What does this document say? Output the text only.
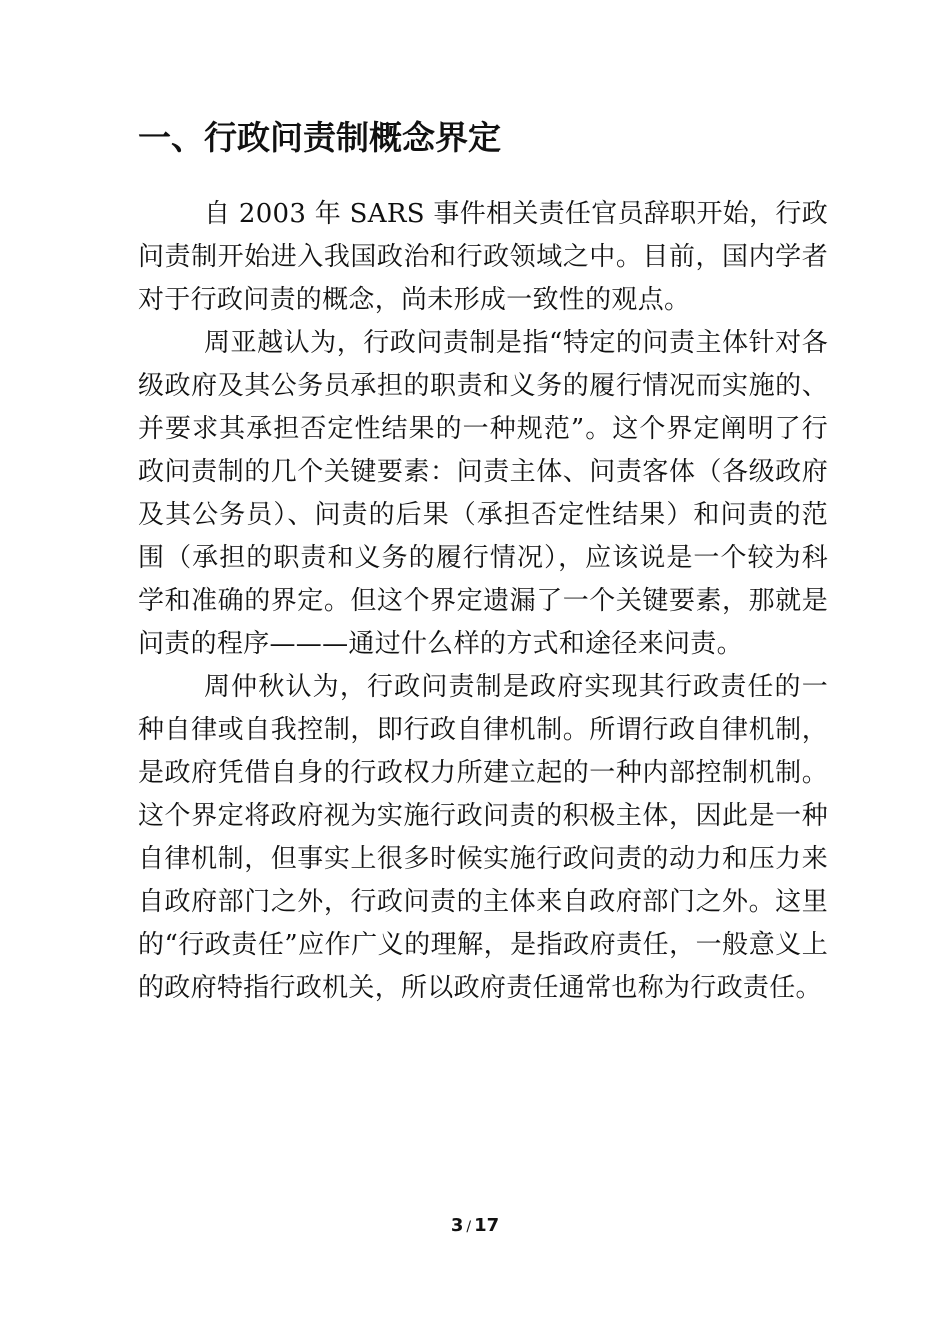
一、行政问责制概念界定

自 2003 年 SARS 事件相关责任官员辞职开始，行政问责制开始进入我国政治和行政领域之中。目前，国内学者对于行政问责的概念，尚未形成一致性的观点。

周亚越认为，行政问责制是指“特定的问责主体针对各级政府及其公务员承担的职责和义务的履行情况而实施的、并要求其承担否定性结果的一种规范”。这个界定阐明了行政问责制的几个关键要素：问责主体、问责客体（各级政府及其公务员）、问责的后果（承担否定性结果）和问责的范围（承担的职责和义务的履行情况），应该说是一个较为科学和准确的界定。但这个界定遗漏了一个关键要素，那就是问责的程序———通过什么样的方式和途径来问责。

周仲秋认为，行政问责制是政府实现其行政责任的一种自律或自我控制，即行政自律机制。所谓行政自律机制，是政府凭借自身的行政权力所建立起的一种内部控制机制。这个界定将政府视为实施行政问责的积极主体，因此是一种自律机制，但事实上很多时候实施行政问责的动力和压力来自政府部门之外，行政问责的主体来自政府部门之外。这里的“行政责任”应作广义的理解，是指政府责任，一般意义上的政府特指行政机关，所以政府责任通常也称为行政责任。

3 / 17
